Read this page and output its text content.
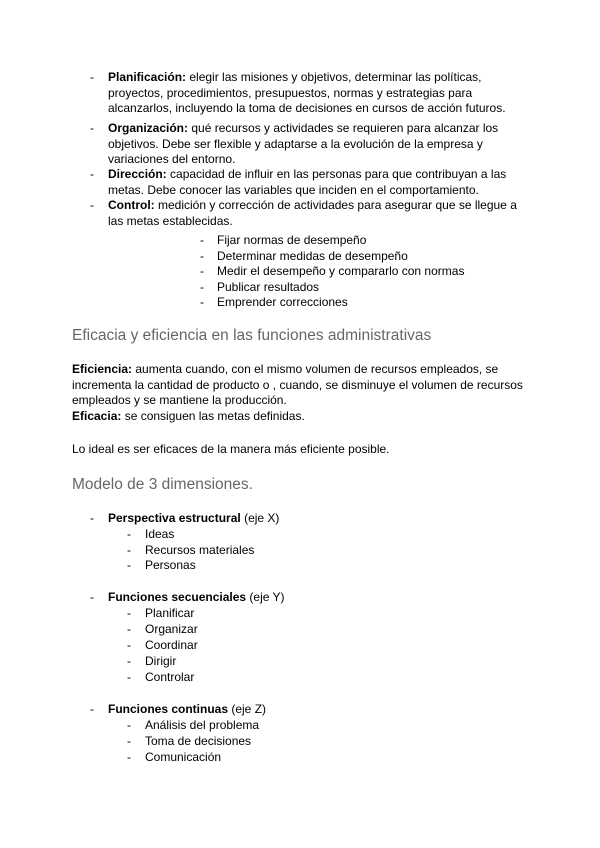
-	Planificación: elegir las misiones y objetivos, determinar las políticas, proyectos, procedimientos, presupuestos, normas y estrategias para alcanzarlos, incluyendo la toma de decisiones en cursos de acción futuros.
-	Organización: qué recursos y actividades se requieren para alcanzar los objetivos. Debe ser flexible y adaptarse a la evolución de la empresa y variaciones del entorno.
-	Dirección: capacidad de influir en las personas para que contribuyan a las metas. Debe conocer las variables que inciden en el comportamiento.
-	Control: medición y corrección de actividades para asegurar que se llegue a las metas establecidas.
-	Fijar normas de desempeño
-	Determinar medidas de desempeño
-	Medir el desempeño y compararlo con normas
-	Publicar resultados
-	Emprender correcciones
Eficacia y eficiencia en las funciones administrativas
Eficiencia: aumenta cuando, con el mismo volumen de recursos empleados, se incrementa la cantidad de producto o , cuando, se disminuye el volumen de recursos empleados y se mantiene la producción.
Eficacia: se consiguen las metas definidas.
Lo ideal es ser eficaces de la manera más eficiente posible.
Modelo de 3 dimensiones.
-	Perspectiva estructural (eje X)
-	Ideas
-	Recursos materiales
-	Personas
-	Funciones secuenciales (eje Y)
-	Planificar
-	Organizar
-	Coordinar
-	Dirigir
-	Controlar
-	Funciones continuas (eje Z)
-	Análisis del problema
-	Toma de decisiones
-	Comunicación
